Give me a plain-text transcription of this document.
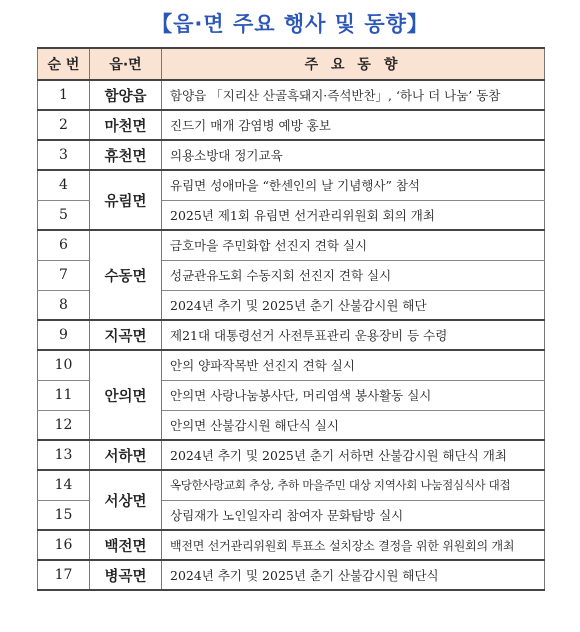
【읍·면 주요 행사 및 동향】
순 번	읍·면	주 요 동 향
1	함양읍	함양읍 「지리산 산골흑돼지·즉석반찬」, ‘하나 더 나눔’ 동참
2	마천면	진드기 매개 감염병 예방 홍보
3	휴천면	의용소방대 정기교육
4	유림면	유림면 성애마을 “한센인의 날 기념행사” 참석
5		2025년 제1회 유림면 선거관리위원회 회의 개최
6	수동면	금호마을 주민화합 선진지 견학 실시
7		성균관유도회 수동지회 선진지 견학 실시
8		2024년 추기 및 2025년 춘기 산불감시원 해단
9	지곡면	제21대 대통령선거 사전투표관리 운용장비 등 수령
10	안의면	안의 양파작목반 선진지 견학 실시
11		안의면 사랑나눔봉사단, 머리염색 봉사활동 실시
12		안의면 산불감시원 해단식 실시
13	서하면	2024년 추기 및 2025년 춘기 서하면 산불감시원 해단식 개최
14	서상면	옥당한사랑교회 추상, 추하 마을주민 대상 지역사회 나눔점심식사 대접
15		상림재가 노인일자리 참여자 문화탐방 실시
16	백전면	백전면 선거관리위원회 투표소 설치장소 결정을 위한 위원회의 개최
17	병곡면	2024년 추기 및 2025년 춘기 산불감시원 해단식
